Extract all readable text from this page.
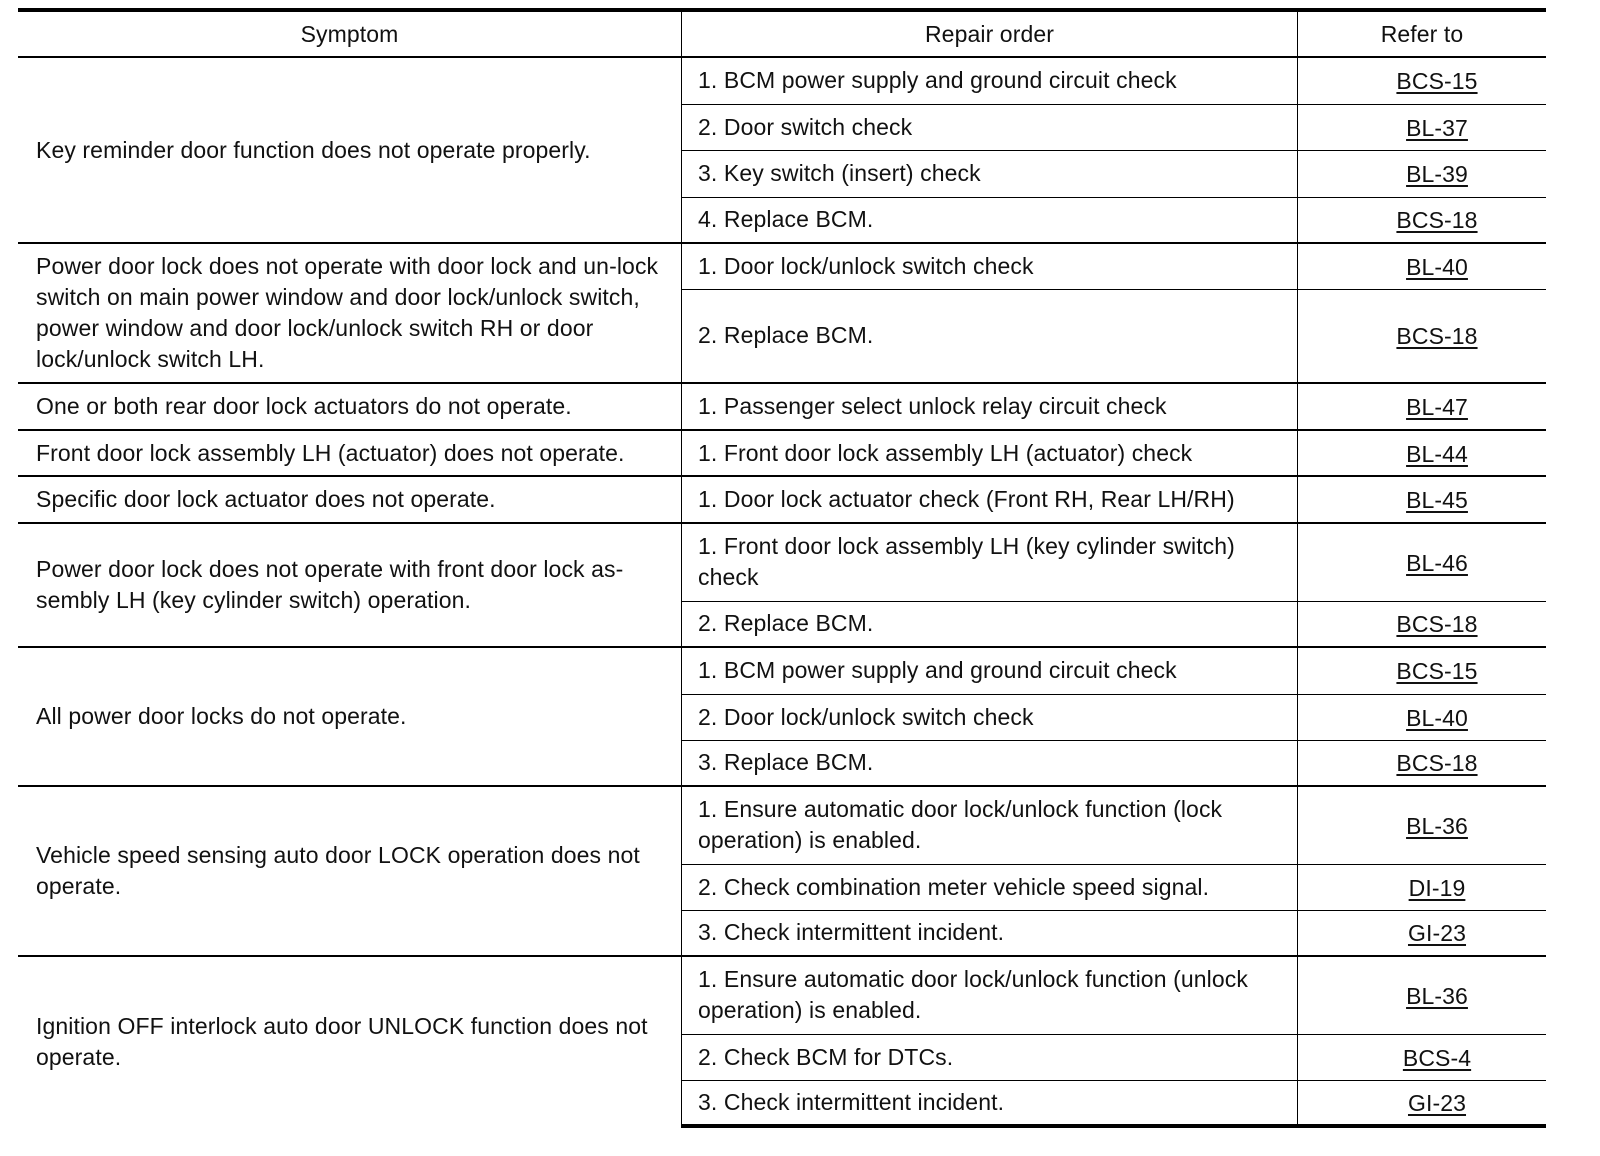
Symptom	Repair order	Refer to
Key reminder door function does not operate properly.	1. BCM power supply and ground circuit check	BCS-15
	2. Door switch check	BL-37
	3. Key switch (insert) check	BL-39
	4. Replace BCM.	BCS-18
Power door lock does not operate with door lock and un-lock switch on main power window and door lock/unlock switch, power window and door lock/unlock switch RH or door lock/unlock switch LH.	1. Door lock/unlock switch check	BL-40
	2. Replace BCM.	BCS-18
One or both rear door lock actuators do not operate.	1. Passenger select unlock relay circuit check	BL-47
Front door lock assembly LH (actuator) does not operate.	1. Front door lock assembly LH (actuator) check	BL-44
Specific door lock actuator does not operate.	1. Door lock actuator check (Front RH, Rear LH/RH)	BL-45
Power door lock does not operate with front door lock as-sembly LH (key cylinder switch) operation.	1. Front door lock assembly LH (key cylinder switch) check	BL-46
	2. Replace BCM.	BCS-18
All power door locks do not operate.	1. BCM power supply and ground circuit check	BCS-15
	2. Door lock/unlock switch check	BL-40
	3. Replace BCM.	BCS-18
Vehicle speed sensing auto door LOCK operation does not operate.	1. Ensure automatic door lock/unlock function (lock operation) is enabled.	BL-36
	2. Check combination meter vehicle speed signal.	DI-19
	3. Check intermittent incident.	GI-23
Ignition OFF interlock auto door UNLOCK function does not operate.	1. Ensure automatic door lock/unlock function (unlock operation) is enabled.	BL-36
	2. Check BCM for DTCs.	BCS-4
	3. Check intermittent incident.	GI-23
